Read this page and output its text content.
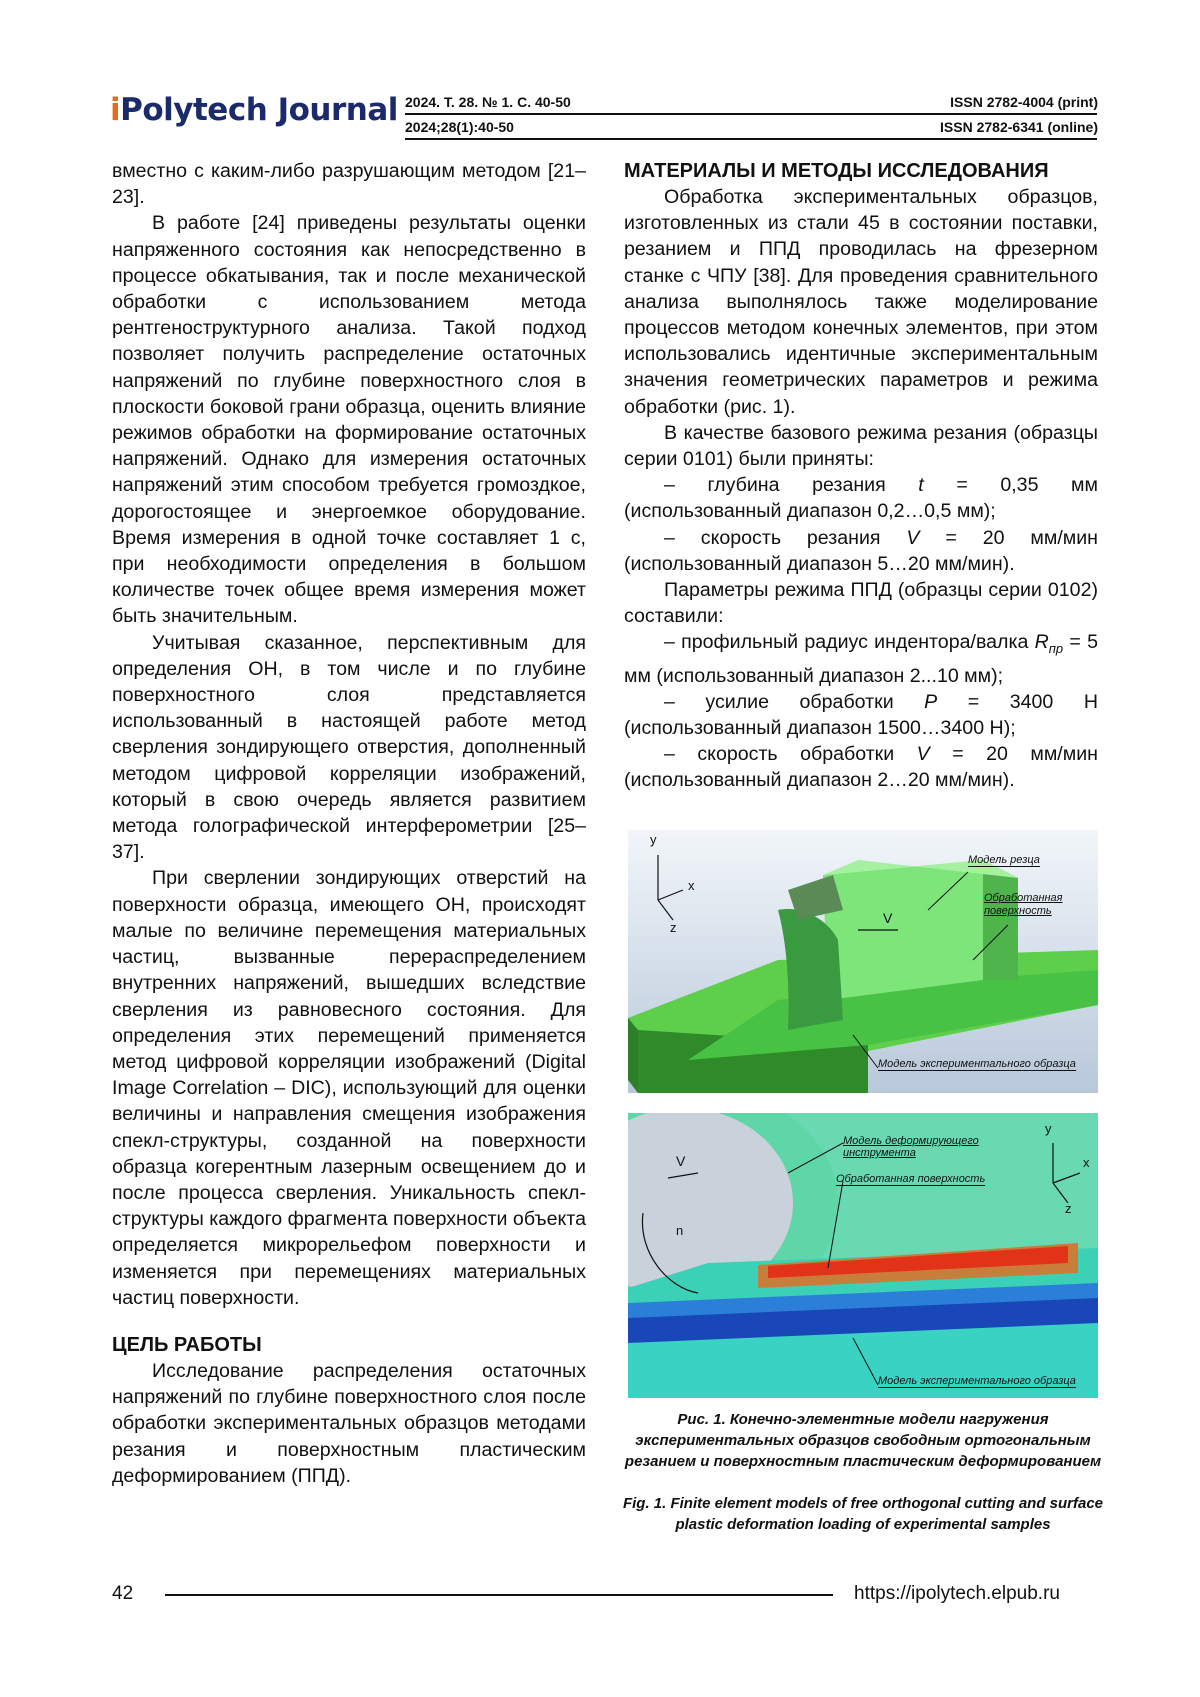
iPolytech Journal 2024. Т. 28. № 1. С. 40-50	ISSN 2782-4004 (print)
2024;28(1):40-50	ISSN 2782-6341 (online)

вместно с каким-либо разрушающим методом [21–23].

В работе [24] приведены результаты оценки напряженного состояния как непосредственно в процессе обкатывания, так и после механической обработки с использованием метода рентгеноструктурного анализа. Такой подход позволяет получить распределение остаточных напряжений по глубине поверхностного слоя в плоскости боковой грани образца, оценить влияние режимов обработки на формирование остаточных напряжений. Однако для измерения остаточных напряжений этим способом требуется громоздкое, дорогостоящее и энергоемкое оборудование. Время измерения в одной точке составляет 1 с, при необходимости определения в большом количестве точек общее время измерения может быть значительным.

Учитывая сказанное, перспективным для определения ОН, в том числе и по глубине поверхностного слоя представляется использованный в настоящей работе метод сверления зондирующего отверстия, дополненный методом цифровой корреляции изображений, который в свою очередь является развитием метода голографической интерферометрии [25–37].

При сверлении зондирующих отверстий на поверхности образца, имеющего ОН, происходят малые по величине перемещения материальных частиц, вызванные перераспределением внутренних напряжений, вышедших вследствие сверления из равновесного состояния. Для определения этих перемещений применяется метод цифровой корреляции изображений (Digital Image Correlation – DIC), использующий для оценки величины и направления смещения изображения спекл-структуры, созданной на поверхности образца когерентным лазерным освещением до и после процесса сверления. Уникальность спекл-структуры каждого фрагмента поверхности объекта определяется микрорельефом поверхности и изменяется при перемещениях материальных частиц поверхности.

ЦЕЛЬ РАБОТЫ

Исследование распределения остаточных напряжений по глубине поверхностного слоя после обработки экспериментальных образцов методами резания и поверхностным пластическим деформированием (ППД).

МАТЕРИАЛЫ И МЕТОДЫ ИССЛЕДОВАНИЯ

Обработка экспериментальных образцов, изготовленных из стали 45 в состоянии поставки, резанием и ППД проводилась на фрезерном станке с ЧПУ [38]. Для проведения сравнительного анализа выполнялось также моделирование процессов методом конечных элементов, при этом использовались идентичные экспериментальным значения геометрических параметров и режима обработки (рис. 1).

В качестве базового режима резания (образцы серии 0101) были приняты:

– глубина резания t = 0,35 мм (использованный диапазон 0,2…0,5 мм);

– скорость резания V = 20 мм/мин (использованный диапазон 5…20 мм/мин).

Параметры режима ППД (образцы серии 0102) составили:

– профильный радиус индентора/валка $R_{пр} = 5$ мм (использованный диапазон 2...10 мм);

– усилие обработки P = 3400 Н (использованный диапазон 1500…3400 Н);

– скорость обработки V = 20 мм/мин (использованный диапазон 2…20 мм/мин).

Модель резца
Обработанная поверхность
Модель экспериментального образца
y
x
z
V
Модель деформирующего инструмента
Обработанная поверхность
Модель экспериментального образца
V
n
y
x
z
Рис. 1. Конечно-элементные модели нагружения экспериментальных образцов свободным ортогональным резанием и поверхностным пластическим деформированием
Fig. 1. Finite element models of free orthogonal cutting and surface plastic deformation loading of experimental samples
42	https://ipolytech.elpub.ru
